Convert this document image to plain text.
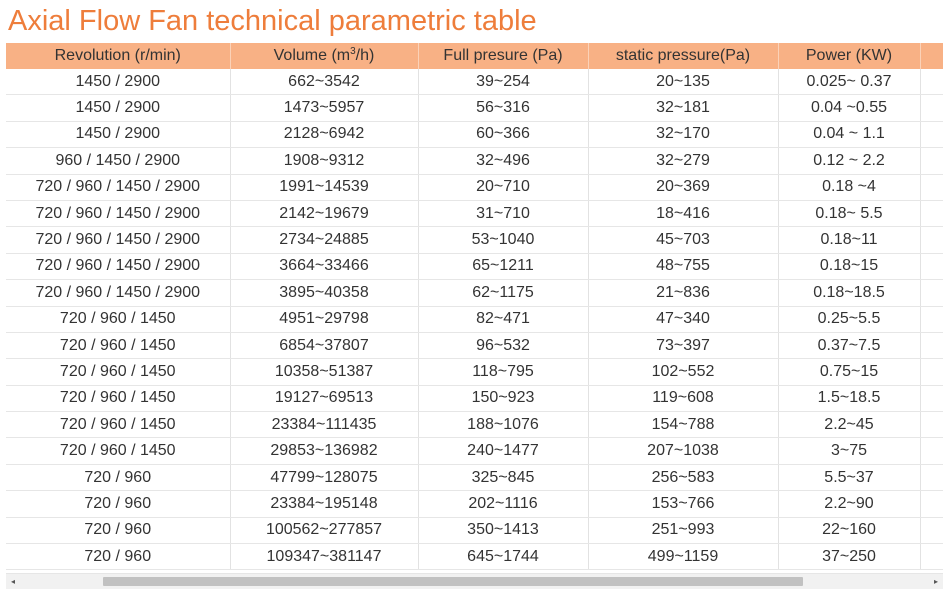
Axial Flow Fan technical parametric table
Revolution (r/min)	Volume $(m^3/h)$	Full presure (Pa)	static pressure(Pa)	Power (KW)	
1450 / 2900	662~3542	39~254	20~135	0.025~ 0.37	
1450 / 2900	1473~5957	56~316	32~181	0.04 ~0.55	
1450 / 2900	2128~6942	60~366	32~170	0.04 ~ 1.1	
960 / 1450 / 2900	1908~9312	32~496	32~279	0.12 ~ 2.2	
720 / 960 / 1450 / 2900	1991~14539	20~710	20~369	0.18 ~4	
720 / 960 / 1450 / 2900	2142~19679	31~710	18~416	0.18~ 5.5	
720 / 960 / 1450 / 2900	2734~24885	53~1040	45~703	0.18~11	
720 / 960 / 1450 / 2900	3664~33466	65~1211	48~755	0.18~15	
720 / 960 / 1450 / 2900	3895~40358	62~1175	21~836	0.18~18.5	
720 / 960 / 1450	4951~29798	82~471	47~340	0.25~5.5	
720 / 960 / 1450	6854~37807	96~532	73~397	0.37~7.5	
720 / 960 / 1450	10358~51387	118~795	102~552	0.75~15	
720 / 960 / 1450	19127~69513	150~923	119~608	1.5~18.5	
720 / 960 / 1450	23384~111435	188~1076	154~788	2.2~45	
720 / 960 / 1450	29853~136982	240~1477	207~1038	3~75	
720 / 960	47799~128075	325~845	256~583	5.5~37	
720 / 960	23384~195148	202~1116	153~766	2.2~90	
720 / 960	100562~277857	350~1413	251~993	22~160	
720 / 960	109347~381147	645~1744	499~1159	37~250	
◂	▸
